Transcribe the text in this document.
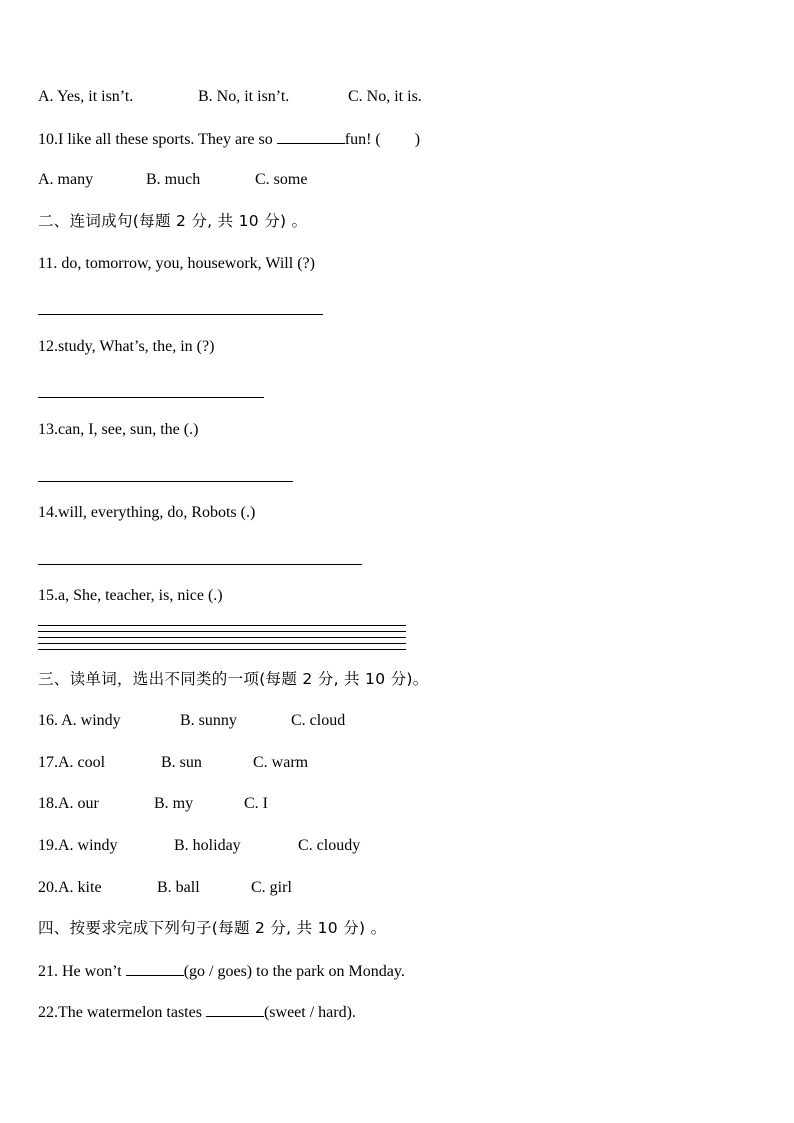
A. Yes, it isn’t.	B. No, it isn’t.	C. No, it is.
10.I like all these sports. They are so	fun! ( )
A. many	B. much	C. some
二、连词成句(每题 2 分, 共 10 分) 。
11. do, tomorrow, you, housework, Will (?)
12.study, What’s, the, in (?)
13.can, I, see, sun, the (.)
14.will, everything, do, Robots (.)
15.a, She, teacher, is, nice (.)
三、读单词，选出不同类的一项(每题 2 分, 共 10 分)。
16. A. windy	B. sunny	C. cloud
17.A. cool	B. sun	C. warm
18.A. our	B. my	C. I
19.A. windy	B. holiday	C. cloudy
20.A. kite	B. ball	C. girl
四、按要求完成下列句子(每题 2 分, 共 10 分) 。
21. He won’t	(go / goes) to the park on Monday.
22.The watermelon tastes	(sweet / hard).
